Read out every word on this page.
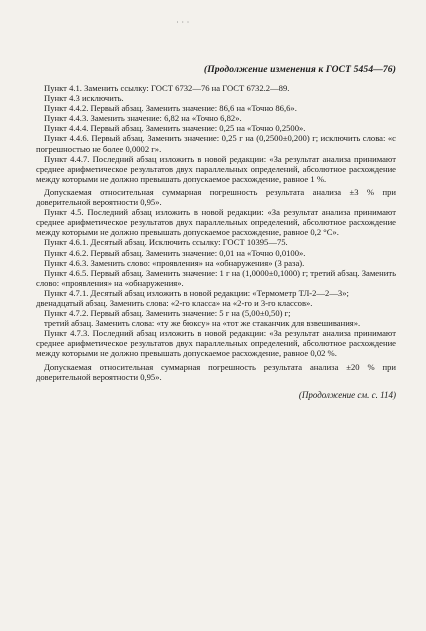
˙ ˙ ˙
(Продолжение изменения к ГОСТ 5454—76)

Пункт 4.1. Заменить ссылку: ГОСТ 6732—76 на ГОСТ 6732.2—89.

Пункт 4.3 исключить.

Пункт 4.4.2. Первый абзац. Заменить значение: 86,6 на «Точно 86,6».

Пункт 4.4.3. Заменить значение: 6,82 на «Точно 6,82».

Пункт 4.4.4. Первый абзац. Заменить значение: 0,25 на «Точно 0,2500».

Пункт 4.4.6. Первый абзац. Заменить значение: 0,25 г на (0,2500±0,200) г; исключить слова: «с погрешностью не более 0,0002 г».

Пункт 4.4.7. Последний абзац изложить в новой редакции: «За результат анализа принимают среднее арифметическое результатов двух параллельных определений, абсолютное расхождение между которыми не должно превышать допускаемое расхождение, равное 1 %.

Допускаемая относительная суммарная погрешность результата анализа ±3 % при доверительной вероятности 0,95».

Пункт 4.5. Последний абзац изложить в новой редакции: «За результат анализа принимают среднее арифметическое результатов двух параллельных определений, абсолютное расхождение между которыми не должно превышать допускаемое расхождение, равное 0,2 °С».

Пункт 4.6.1. Десятый абзац. Исключить ссылку: ГОСТ 10395—75.

Пункт 4.6.2. Первый абзац. Заменить значение: 0,01 на «Точно 0,0100».

Пункт 4.6.3. Заменить слово: «проявления» на «обнаружения» (3 раза).

Пункт 4.6.5. Первый абзац. Заменить значение: 1 г на (1,0000±0,1000) г; третий абзац. Заменить слово: «проявления» на «обнаружения».

Пункт 4.7.1. Десятый абзац изложить в новой редакции: «Термометр ТЛ-2—2—3»;

двенадцатый абзац. Заменить слова: «2-го класса» на «2-го и 3-го классов».

Пункт 4.7.2. Первый абзац. Заменить значение: 5 г на (5,00±0,50) г;

третий абзац. Заменить слова: «ту же бюксу» на «тот же стаканчик для взвешивания».

Пункт 4.7.3. Последний абзац изложить в новой редакции: «За результат анализа принимают среднее арифметическое результатов двух параллельных определений, абсолютное расхождение между которыми не должно превышать допускаемое расхождение, равное 0,02 %.

Допускаемая относительная суммарная погрешность результата анализа ±20 % при доверительной вероятности 0,95».

(Продолжение см. с. 114)
